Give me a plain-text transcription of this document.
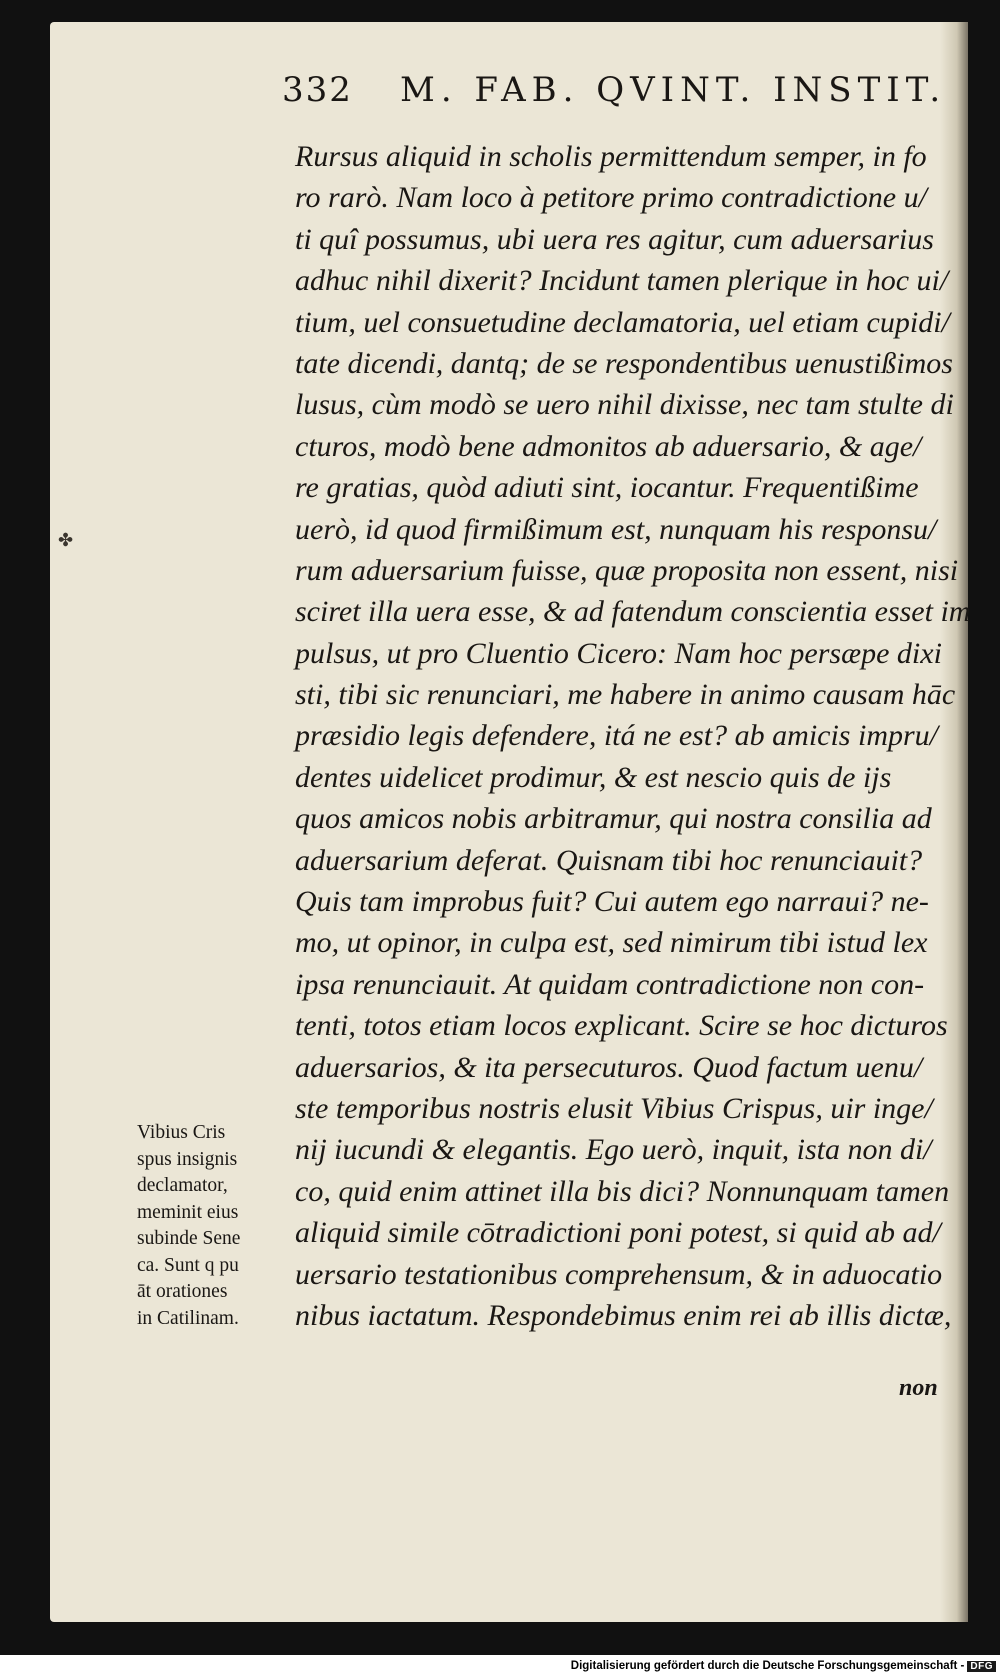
332 M. FAB. QVINT. INSTIT.
Rursus aliquid in scholis permittendum semper, in fo
ro rarò. Nam loco à petitore primo contradictione u/
ti quî possumus, ubi uera res agitur, cum aduersarius
adhuc nihil dixerit? Incidunt tamen plerique in hoc ui/
tium, uel consuetudine declamatoria, uel etiam cupidi/
tate dicendi, dantq; de se respondentibus uenustißimos
lusus, cùm modò se uero nihil dixisse, nec tam stulte di
cturos, modò bene admonitos ab aduersario, & age/
re gratias, quòd adiuti sint, iocantur. Frequentißime
uerò, id quod firmißimum est, nunquam his responsu/
rum aduersarium fuisse, quæ proposita non essent, nisi
sciret illa uera esse, & ad fatendum conscientia esset im
pulsus, ut pro Cluentio Cicero: Nam hoc persæpe dixi
sti, tibi sic renunciari, me habere in animo causam hāc
præsidio legis defendere, itá ne est? ab amicis impru/
dentes uidelicet prodimur, & est nescio quis de ijs
quos amicos nobis arbitramur, qui nostra consilia ad
aduersarium deferat. Quisnam tibi hoc renunciauit?
Quis tam improbus fuit? Cui autem ego narraui? ne-
mo, ut opinor, in culpa est, sed nimirum tibi istud lex
ipsa renunciauit. At quidam contradictione non con-
tenti, totos etiam locos explicant. Scire se hoc dicturos
aduersarios, & ita persecuturos. Quod factum uenu/
ste temporibus nostris elusit Vibius Crispus, uir inge/
nij iucundi & elegantis. Ego uerò, inquit, ista non di/
co, quid enim attinet illa bis dici? Nonnunquam tamen
aliquid simile cōtradictioni poni potest, si quid ab ad/
uersario testationibus comprehensum, & in aduocatio
nibus iactatum. Respondebimus enim rei ab illis dictæ,
non
Vibius Cris
spus insignis
declamator,
meminit eius
subinde Sene
ca. Sunt q pu
āt orationes
in Catilinam.
✤
Digitalisierung gefördert durch die Deutsche Forschungsgemeinschaft - DFG
